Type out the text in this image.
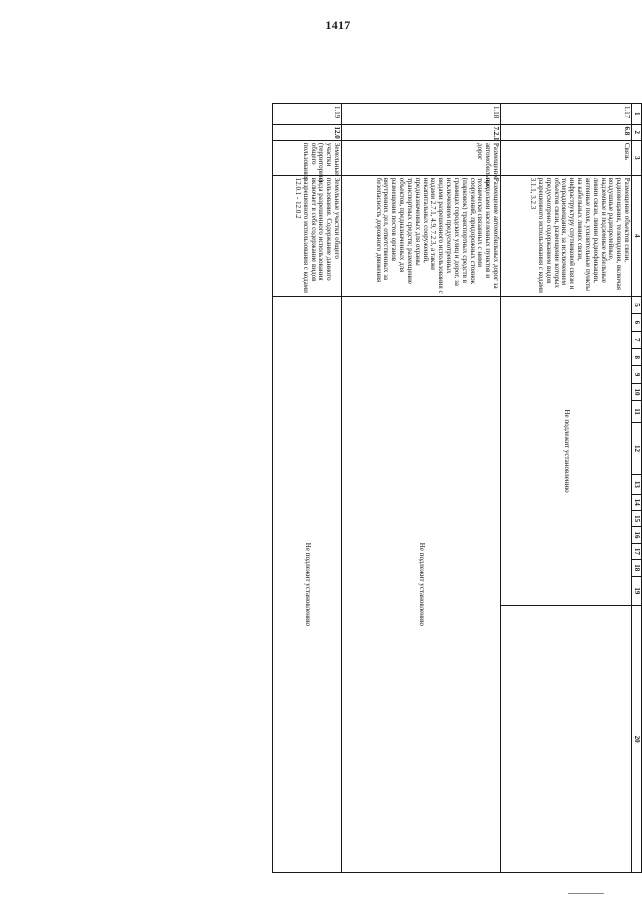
1417
1	2	3	4	5	6	7	8	9	10	11	12	13	14	15	16	17	18	19	20
1.17	6.8	Связь	Размещение объектов связи, радиовещания, телевидения, включая воздушные радиорелейные, надземные и подземные кабельные линии связи, линии радиофикации, антенные поля, усилительные пункты на кабельных линиях связи, инфраструктуру спутниковой связи и телерадиовещания, за исключением объектов связи, размещение которых предусмотрено содержанием видов разрешенного использования с кодами 3.1.1, 3.2.3	Не подлежит установлению															
1.18	7.2.1	Размещение автомобильных дорог	Размещение автомобильных дорог за пределами населенных пунктов и технически связанных с ними сооружений, придорожных стоянок (парковок) транспортных средств в границах городских улиц и дорог, за исключением предусмотренных видами разрешенного использования с кодами 2.7.1, 4.9, 7.2.3, а также некапитальных сооружений, предназначенных для охраны транспортных средств; размещение объектов, предназначенных для размещения постов органов внутренних дел, ответственных за безопасность дорожного движения	Не подлежит установлению															
1.19	12.0	Земельные участки (территории) общего пользования	Земельные участки общего пользования. Содержание данного вида разрешенного использования включает в себя содержание видов разрешенного использования с кодами 12.0.1 - 12.0.2	Не подлежит установлению															
